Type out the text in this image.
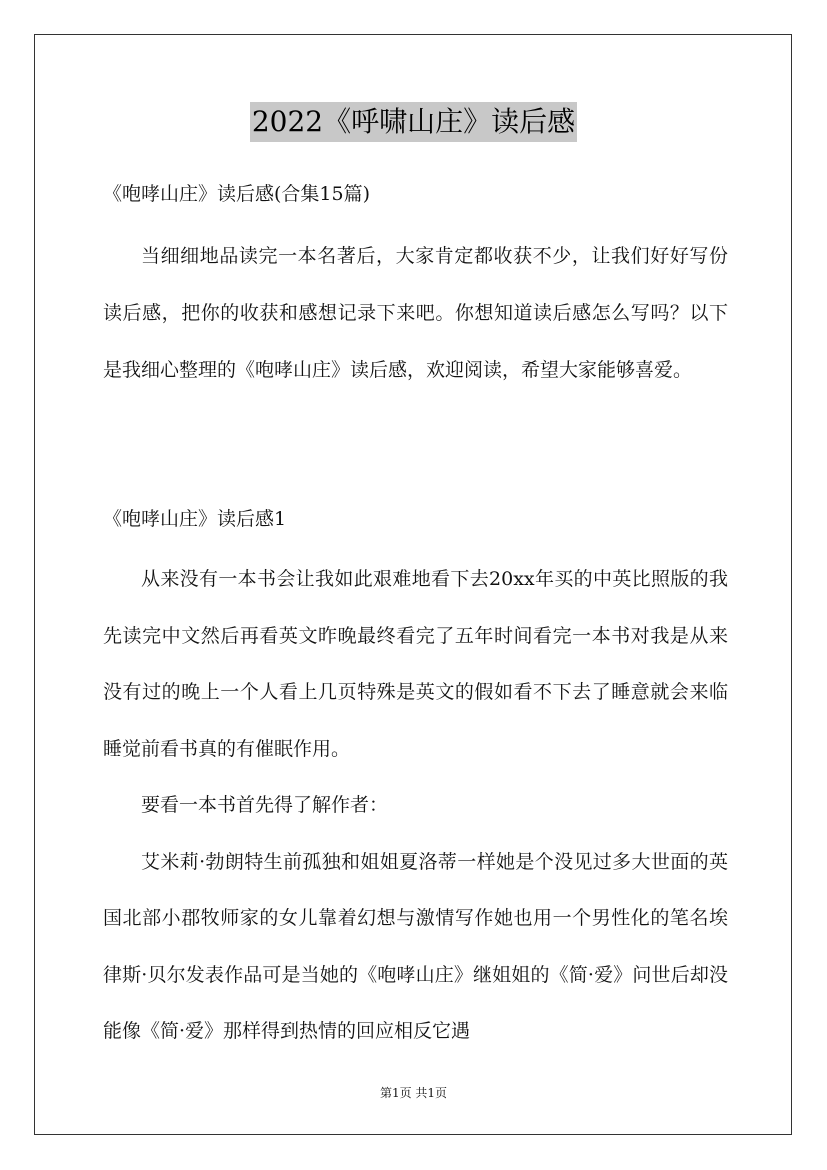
2022《呼啸山庄》读后感
《咆哮山庄》读后感(合集15篇)

当细细地品读完一本名著后，大家肯定都收获不少，让我们好好写份读后感，把你的收获和感想记录下来吧。你想知道读后感怎么写吗？以下是我细心整理的《咆哮山庄》读后感，欢迎阅读，希望大家能够喜爱。

《咆哮山庄》读后感1

从来没有一本书会让我如此艰难地看下去20xx年买的中英比照版的我先读完中文然后再看英文昨晚最终看完了五年时间看完一本书对我是从来没有过的晚上一个人看上几页特殊是英文的假如看不下去了睡意就会来临睡觉前看书真的有催眠作用。

要看一本书首先得了解作者：

艾米莉·勃朗特生前孤独和姐姐夏洛蒂一样她是个没见过多大世面的英国北部小郡牧师家的女儿靠着幻想与激情写作她也用一个男性化的笔名埃律斯·贝尔发表作品可是当她的《咆哮山庄》继姐姐的《简·爱》问世后却没能像《简·爱》那样得到热情的回应相反它遇

第1页 共1页
